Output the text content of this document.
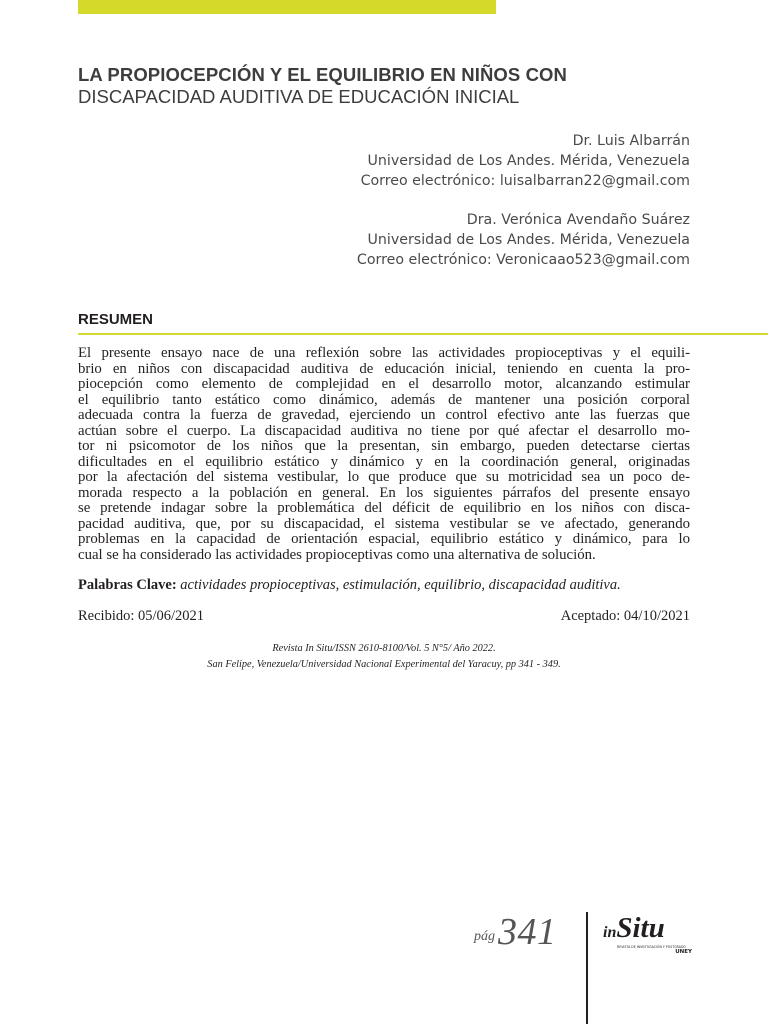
LA PROPIOCEPCIÓN Y EL EQUILIBRIO EN NIÑOS CON
DISCAPACIDAD AUDITIVA DE EDUCACIÓN INICIAL
Dr. Luis Albarrán
Universidad de Los Andes. Mérida, Venezuela
Correo electrónico: luisalbarran22@gmail.com
Dra. Verónica Avendaño Suárez
Universidad de Los Andes. Mérida, Venezuela
Correo electrónico: Veronicaao523@gmail.com
RESUMEN
El presente ensayo nace de una reflexión sobre las actividades propioceptivas y el equili-
brio en niños con discapacidad auditiva de educación inicial, teniendo en cuenta la pro-
piocepción como elemento de complejidad en el desarrollo motor, alcanzando estimular
el equilibrio tanto estático como dinámico, además de mantener una posición corporal
adecuada contra la fuerza de gravedad, ejerciendo un control efectivo ante las fuerzas que
actúan sobre el cuerpo. La discapacidad auditiva no tiene por qué afectar el desarrollo mo-
tor ni psicomotor de los niños que la presentan, sin embargo, pueden detectarse ciertas
dificultades en el equilibrio estático y dinámico y en la coordinación general, originadas
por la afectación del sistema vestibular, lo que produce que su motricidad sea un poco de-
morada respecto a la población en general. En los siguientes párrafos del presente ensayo
se pretende indagar sobre la problemática del déficit de equilibrio en los niños con disca-
pacidad auditiva, que, por su discapacidad, el sistema vestibular se ve afectado, generando
problemas en la capacidad de orientación espacial, equilibrio estático y dinámico, para lo
cual se ha considerado las actividades propioceptivas como una alternativa de solución.
Palabras Clave: actividades propioceptivas, estimulación, equilibrio, discapacidad auditiva.
Recibido: 05/06/2021	Aceptado: 04/10/2021
Revista In Situ/ISSN 2610-8100/Vol. 5 N°5/ Año 2022.
San Felipe, Venezuela/Universidad Nacional Experimental del Yaracuy, pp 341 - 349.
pág 341	inSitu
REVISTA DE INVESTIGACIÓN Y POSTGRADO
UNEY
